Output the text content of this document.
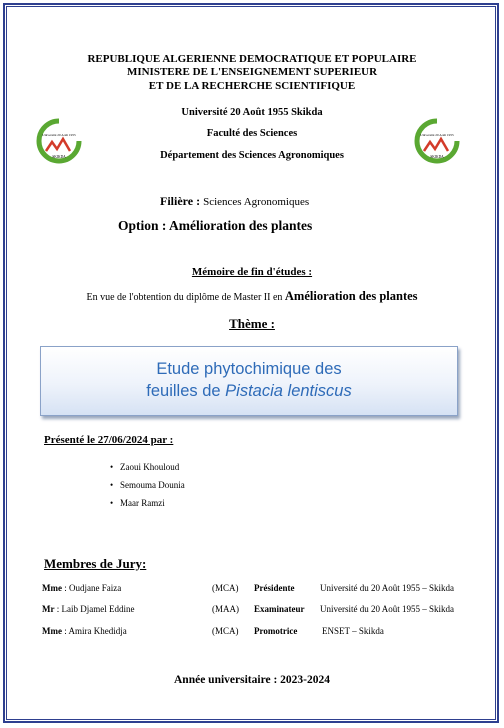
REPUBLIQUE ALGERIENNE DEMOCRATIQUE ET POPULAIRE
MINISTERE DE L'ENSEIGNEMENT SUPERIEUR
ET DE LA RECHERCHE SCIENTIFIQUE
Université 20 Août 1955 Skikda
Faculté des Sciences
Département des Sciences Agronomiques
Université 20 Août 1955
SKIKDA
Université 20 Août 1955
SKIKDA
Filière : Sciences Agronomiques
Option : Amélioration des plantes
Mémoire de fin d'études :
En vue de l'obtention du diplôme de Master II en Amélioration des plantes
Thème :
Etude phytochimique des
feuilles de Pistacia lentiscus
Présenté le 27/06/2024 par :
• Zaoui Khouloud
• Semouma Dounia
• Maar Ramzi
Membres de Jury:
Mme : Oudjane Faiza	(MCA) Présidente	Université du 20 Août 1955 – Skikda
Mr : Laib Djamel Eddine	(MAA) Examinateur Université du 20 Août 1955 – Skikda
Mme : Amira Khedidja	(MCA) Promotrice	ENSET – Skikda
Année universitaire : 2023-2024
